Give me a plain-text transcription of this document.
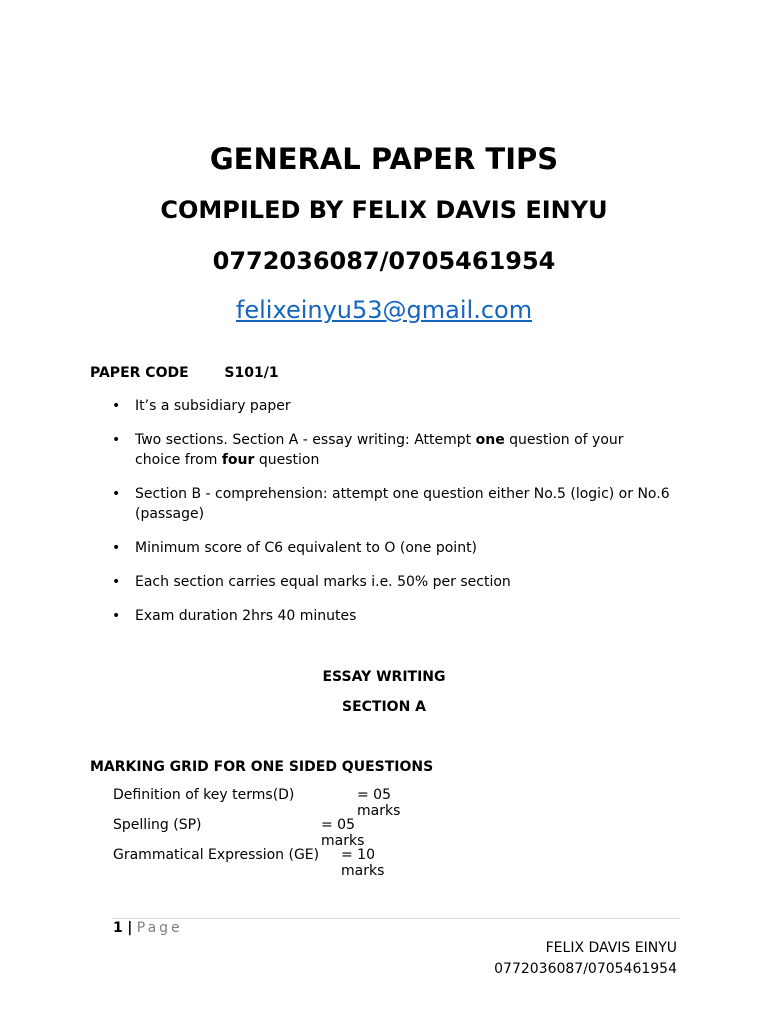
GENERAL PAPER TIPS
COMPILED BY FELIX DAVIS EINYU
0772036087/0705461954
felixeinyu53@gmail.com
PAPER CODE	S101/1
• It’s a subsidiary paper
• Two sections. Section A - essay writing: Attempt one question of your choice from four question
• Section B - comprehension: attempt one question either No.5 (logic) or No.6 (passage)
• Minimum score of C6 equivalent to O (one point)
• Each section carries equal marks i.e. 50% per section
• Exam duration 2hrs 40 minutes
ESSAY WRITING
SECTION A
MARKING GRID FOR ONE SIDED QUESTIONS
Definition of key terms(D)	= 05 marks
Spelling (SP)	= 05 marks
Grammatical Expression (GE) = 10 marks
1 | Page
FELIX DAVIS EINYU
0772036087/0705461954
